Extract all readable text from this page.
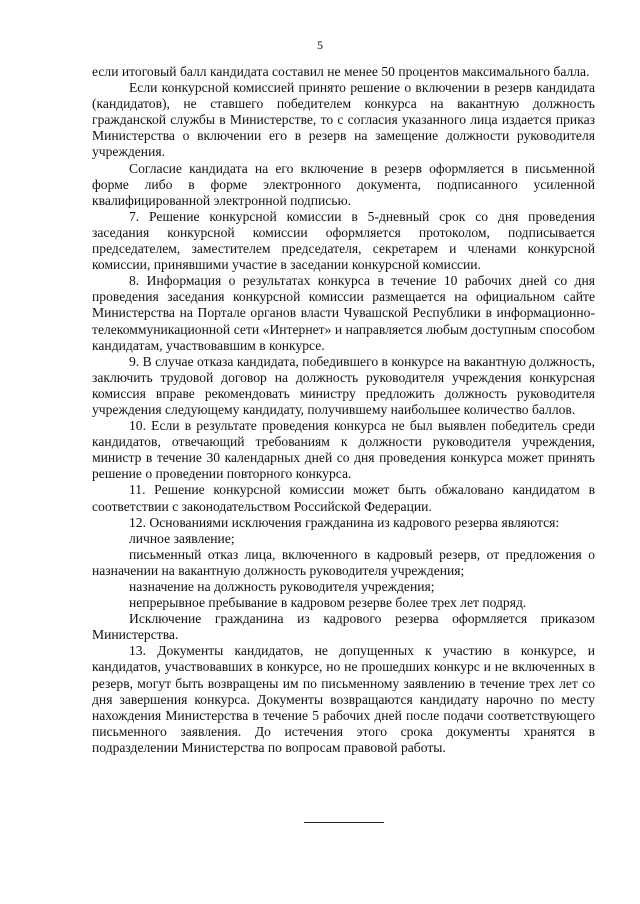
5

если итоговый балл кандидата составил не менее 50 процентов максимального балла.

Если конкурсной комиссией принято решение о включении в резерв кандидата (кандидатов), не ставшего победителем конкурса на вакантную должность гражданской службы в Министерстве, то с согласия указанного лица издается приказ Министерства о включении его в резерв на замещение должности руководителя учреждения.

Согласие кандидата на его включение в резерв оформляется в письменной форме либо в форме электронного документа, подписанного усиленной квалифицированной электронной подписью.

7. Решение конкурсной комиссии в 5-дневный срок со дня проведения заседания конкурсной комиссии оформляется протоколом, подписывается председателем, заместителем председателя, секретарем и членами конкурсной комиссии, принявшими участие в заседании конкурсной комиссии.

8. Информация о результатах конкурса в течение 10 рабочих дней со дня проведения заседания конкурсной комиссии размещается на официальном сайте Министерства на Портале органов власти Чувашской Республики в информационно-телекоммуникационной сети «Интернет» и направляется любым доступным способом кандидатам, участвовавшим в конкурсе.

9. В случае отказа кандидата, победившего в конкурсе на вакантную должность, заключить трудовой договор на должность руководителя учреждения конкурсная комиссия вправе рекомендовать министру предложить должность руководителя учреждения следующему кандидату, получившему наибольшее количество баллов.

10. Если в результате проведения конкурса не был выявлен победитель среди кандидатов, отвечающий требованиям к должности руководителя учреждения, министр в течение 30 календарных дней со дня проведения конкурса может принять решение о проведении повторного конкурса.

11. Решение конкурсной комиссии может быть обжаловано кандидатом в соответствии с законодательством Российской Федерации.

12. Основаниями исключения гражданина из кадрового резерва являются:

личное заявление;

письменный отказ лица, включенного в кадровый резерв, от предложения о назначении на вакантную должность руководителя учреждения;

назначение на должность руководителя учреждения;

непрерывное пребывание в кадровом резерве более трех лет подряд.

Исключение гражданина из кадрового резерва оформляется приказом Министерства.

13. Документы кандидатов, не допущенных к участию в конкурсе, и кандидатов, участвовавших в конкурсе, но не прошедших конкурс и не включенных в резерв, могут быть возвращены им по письменному заявлению в течение трех лет со дня завершения конкурса. Документы возвращаются кандидату нарочно по месту нахождения Министерства в течение 5 рабочих дней после подачи соответствующего письменного заявления. До истечения этого срока документы хранятся в подразделении Министерства по вопросам правовой работы.
